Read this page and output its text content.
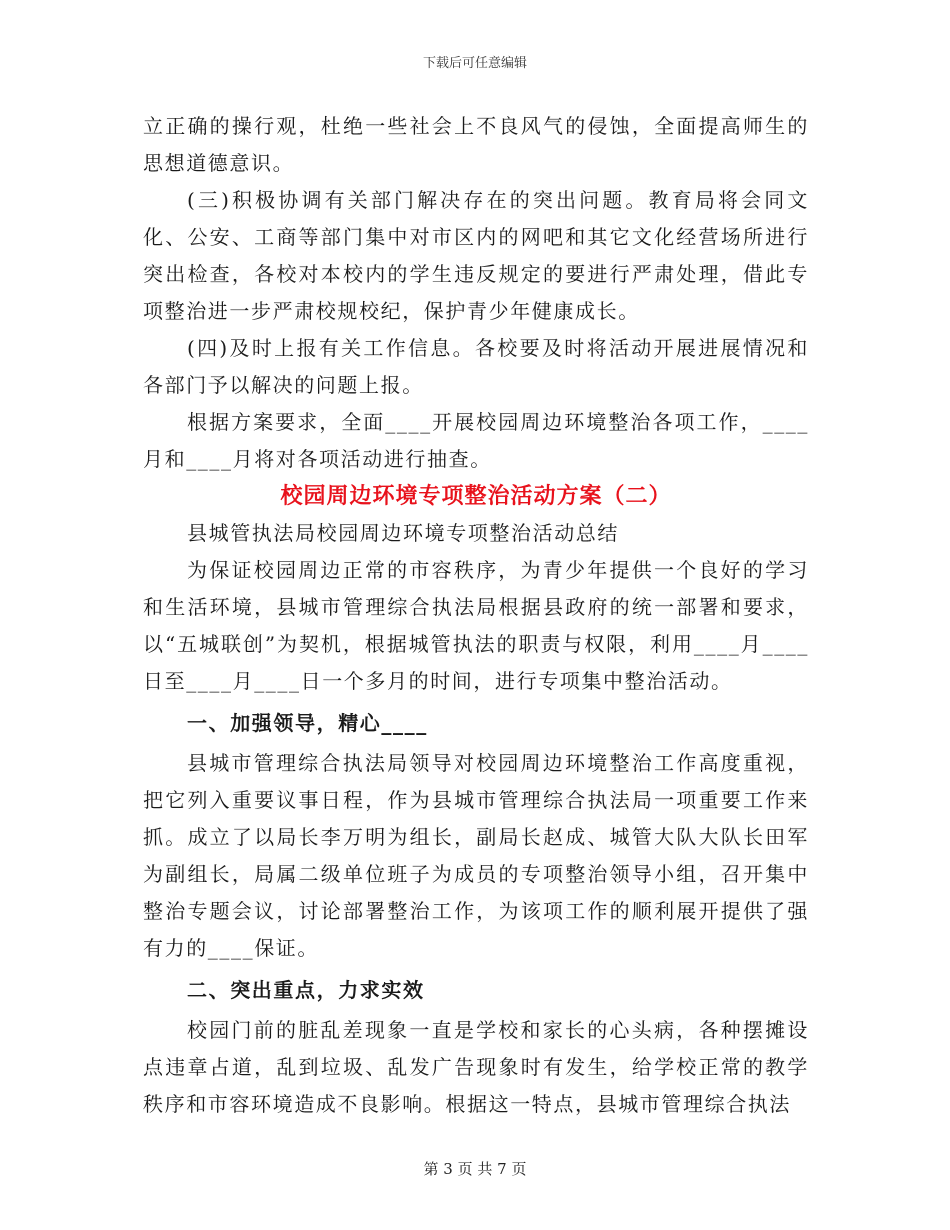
下载后可任意编辑

立正确的操行观，杜绝一些社会上不良风气的侵蚀，全面提高师生的思想道德意识。

(三)积极协调有关部门解决存在的突出问题。教育局将会同文化、公安、工商等部门集中对市区内的网吧和其它文化经营场所进行突出检查，各校对本校内的学生违反规定的要进行严肃处理，借此专项整治进一步严肃校规校纪，保护青少年健康成长。

(四)及时上报有关工作信息。各校要及时将活动开展进展情况和各部门予以解决的问题上报。

根据方案要求，全面____开展校园周边环境整治各项工作，____月和____月将对各项活动进行抽查。

校园周边环境专项整治活动方案（二）

县城管执法局校园周边环境专项整治活动总结

为保证校园周边正常的市容秩序，为青少年提供一个良好的学习和生活环境，县城市管理综合执法局根据县政府的统一部署和要求，以“五城联创”为契机，根据城管执法的职责与权限，利用____月____日至____月____日一个多月的时间，进行专项集中整治活动。

一、加强领导，精心____

县城市管理综合执法局领导对校园周边环境整治工作高度重视，把它列入重要议事日程，作为县城市管理综合执法局一项重要工作来抓。成立了以局长李万明为组长，副局长赵成、城管大队大队长田军为副组长，局属二级单位班子为成员的专项整治领导小组，召开集中整治专题会议，讨论部署整治工作，为该项工作的顺利展开提供了强有力的____保证。

二、突出重点，力求实效

校园门前的脏乱差现象一直是学校和家长的心头病，各种摆摊设点违章占道，乱到垃圾、乱发广告现象时有发生，给学校正常的教学秩序和市容环境造成不良影响。根据这一特点，县城市管理综合执法

第 3 页 共 7 页
